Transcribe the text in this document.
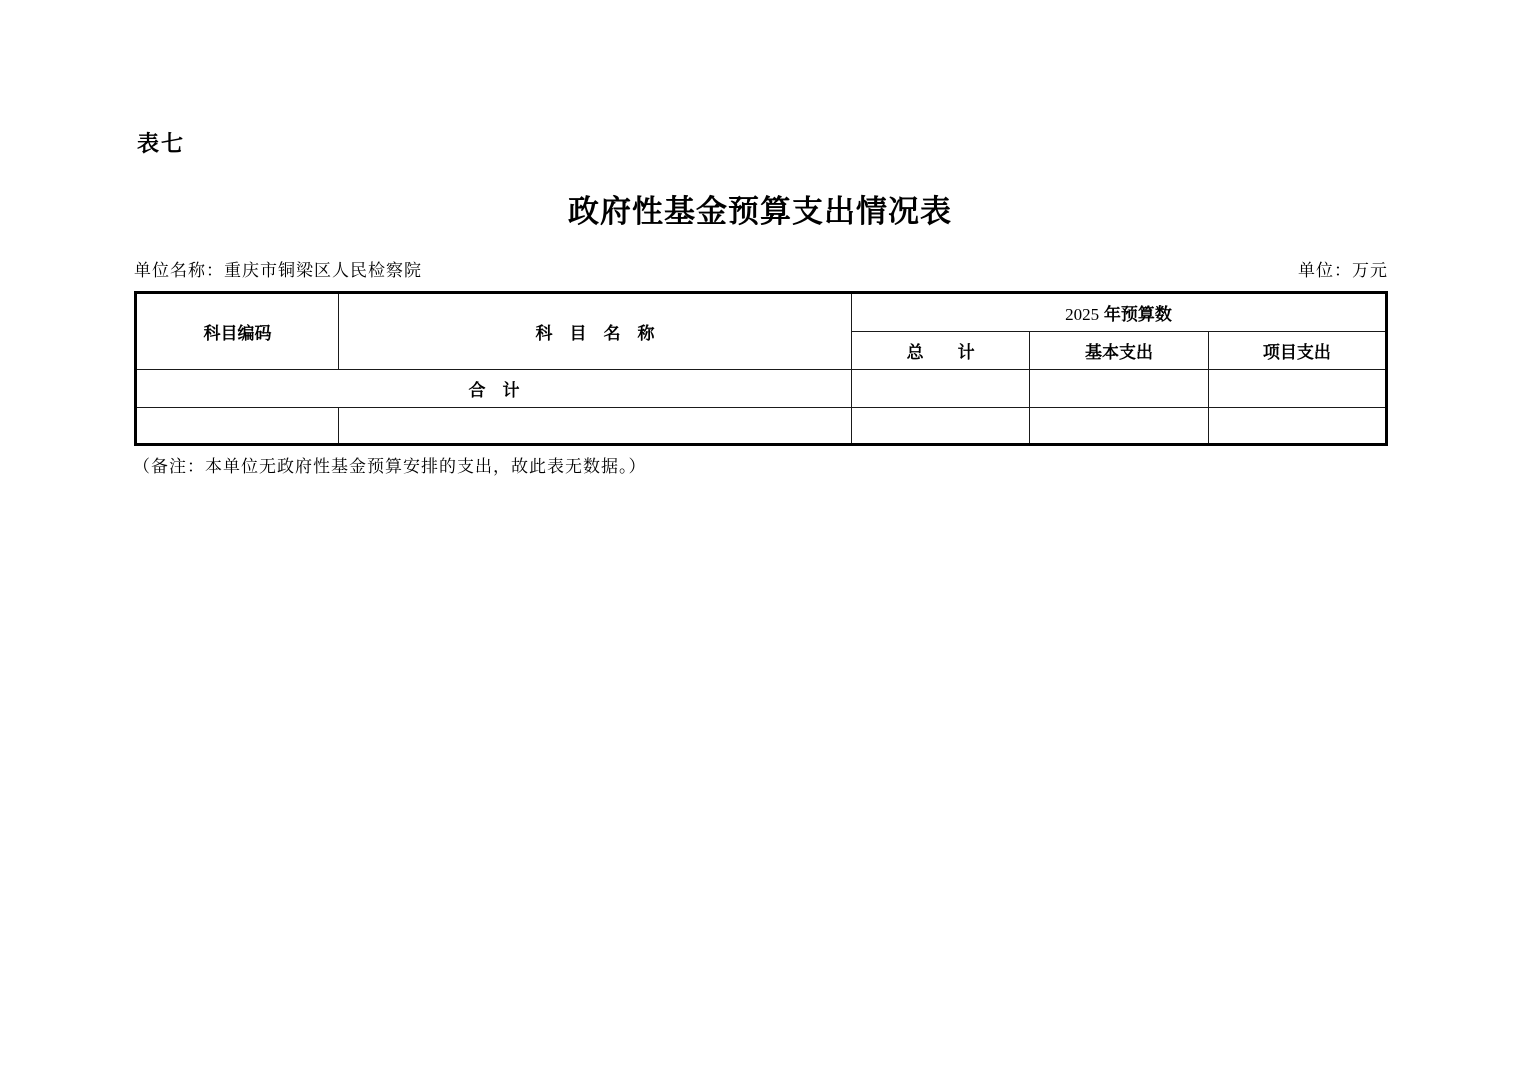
表七
政府性基金预算支出情况表
单位名称：重庆市铜梁区人民检察院	单位：万元
科目编码	科　目　名　称	2025 年预算数		
		总　　计	基本支出	项目支出
合　计				

（备注：本单位无政府性基金预算安排的支出，故此表无数据。）
